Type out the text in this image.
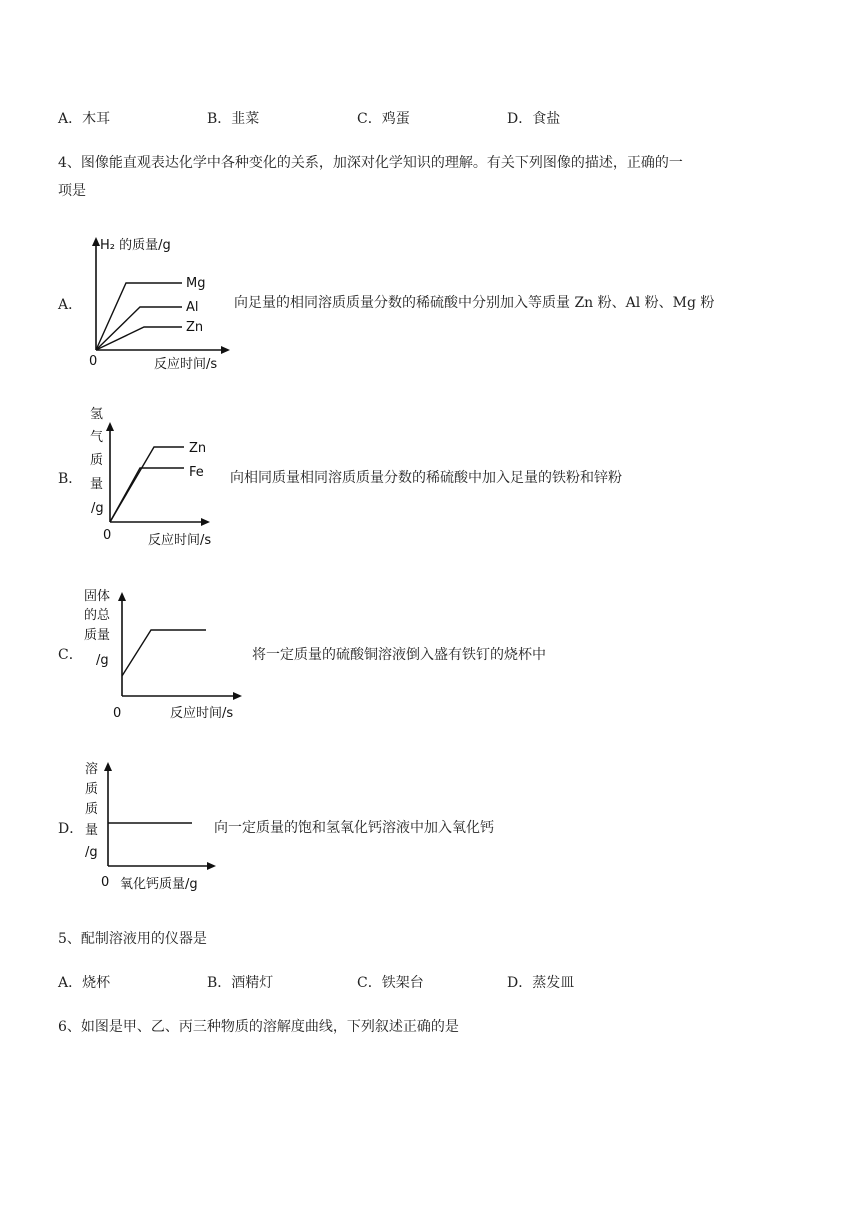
A．木耳	B．韭菜	C．鸡蛋	D．食盐
4、图像能直观表达化学中各种变化的关系，加深对化学知识的理解。有关下列图像的描述，正确的一
项是
A．
H₂ 的质量/g
Mg
Al
Zn
0	反应时间/s
向足量的相同溶质质量分数的稀硫酸中分别加入等质量 Zn 粉、Al 粉、Mg 粉
B．
氢
气
质
量
/g
Zn
Fe
0	反应时间/s
向相同质量相同溶质质量分数的稀硫酸中加入足量的铁粉和锌粉
C．
固体
的总
质量
/g
0	反应时间/s
将一定质量的硫酸铜溶液倒入盛有铁钉的烧杯中
D．
溶
质
质
量
/g
0 氧化钙质量/g
向一定质量的饱和氢氧化钙溶液中加入氧化钙
5、配制溶液用的仪器是
A．烧杯	B．酒精灯	C．铁架台	D．蒸发皿
6、如图是甲、乙、丙三种物质的溶解度曲线，下列叙述正确的是
